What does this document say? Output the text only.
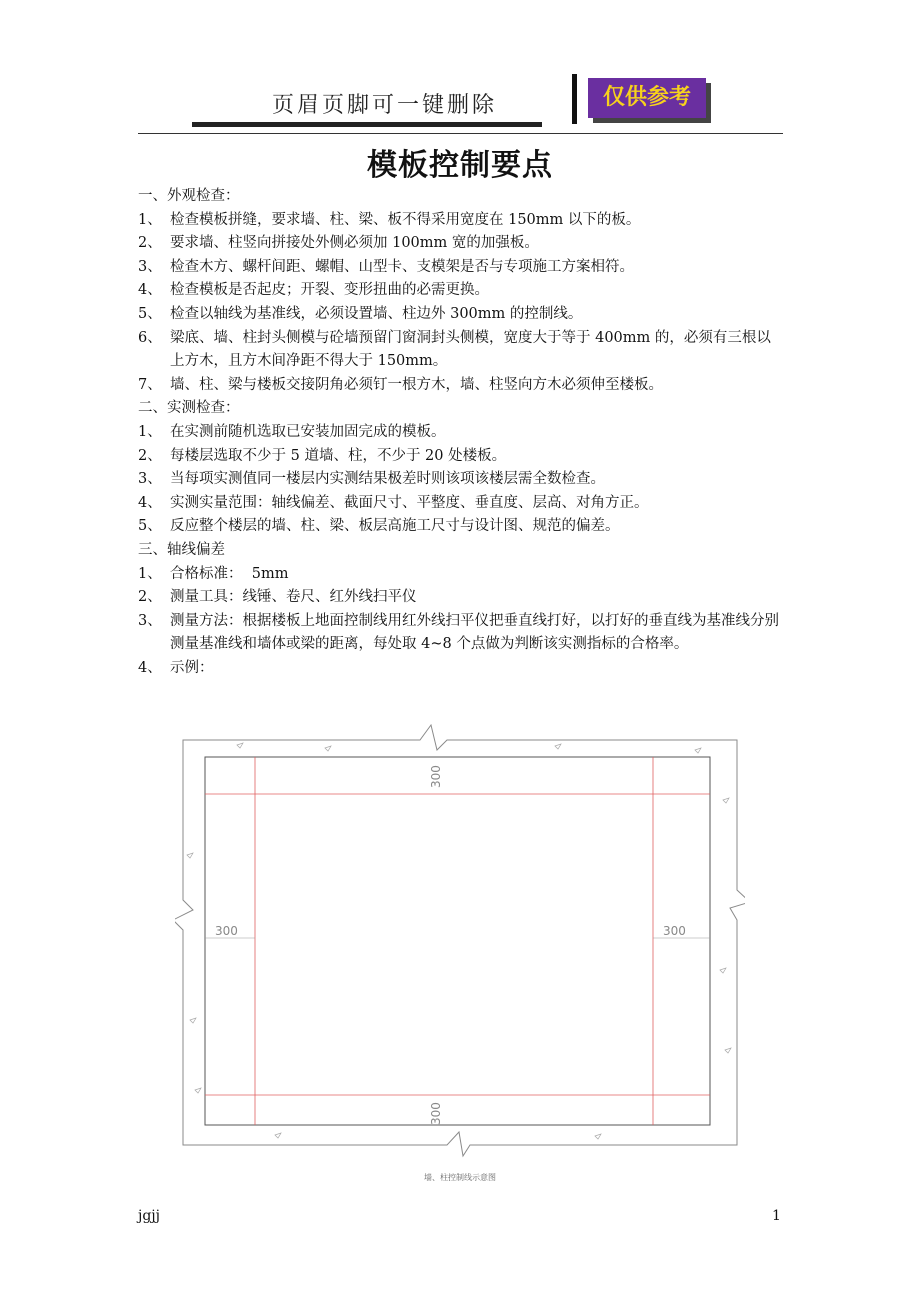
页眉页脚可一键删除	仅供参考
模板控制要点
一、外观检查：
1、 检查模板拼缝，要求墙、柱、梁、板不得采用宽度在 150mm 以下的板。
2、 要求墙、柱竖向拼接处外侧必须加 100mm 宽的加强板。
3、 检查木方、螺杆间距、螺帽、山型卡、支模架是否与专项施工方案相符。
4、 检查模板是否起皮；开裂、变形扭曲的必需更换。
5、 检查以轴线为基准线，必须设置墙、柱边外 300mm 的控制线。
6、 梁底、墙、柱封头侧模与砼墙预留门窗洞封头侧模，宽度大于等于 400mm 的，必须有三根以上方木，且方木间净距不得大于 150mm。
7、 墙、柱、梁与楼板交接阴角必须钉一根方木，墙、柱竖向方木必须伸至楼板。
二、实测检查：
1、 在实测前随机选取已安装加固完成的模板。
2、 每楼层选取不少于 5 道墙、柱，不少于 20 处楼板。
3、 当每项实测值同一楼层内实测结果极差时则该项该楼层需全数检查。
4、 实测实量范围：轴线偏差、截面尺寸、平整度、垂直度、层高、对角方正。
5、 反应整个楼层的墙、柱、梁、板层高施工尺寸与设计图、规范的偏差。
三、轴线偏差
1、 合格标准：  5mm
2、 测量工具：线锤、卷尺、红外线扫平仪
3、 测量方法：根据楼板上地面控制线用红外线扫平仪把垂直线打好，以打好的垂直线为基准线分别测量基准线和墙体或梁的距离，每处取 4~8 个点做为判断该实测指标的合格率。
4、 示例：
300
300
300	300
墙、柱控制线示意图
jgjj	1
